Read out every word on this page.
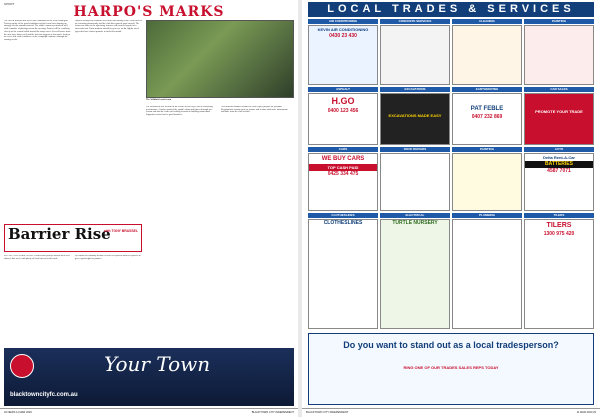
SPORT	HARPO'S MARKS
The race at Rosehill this week was a standout for the local contingent. Trainers spoke of the good conditions and the form lines shaping up strongly for the autumn carnival. The stable's runners performed well, with a number of placings across the meeting. Punters will be watching closely as the season builds toward the major races. Several horses from the area have drawn well and the forecast suggests a firm track. Jockeys are set to ride with confidence as the campaign continues through the coming weeks.
Harness racing also continues at Penrith with strong fields. Local drivers are featuring prominently and the club has reported good crowds. The focus now turns to the upcoming features with owners hopeful of a successful run. Form students should keep an eye on the lightly raced types that have shown promise in trials this month.
The Wildfield coach team
The Blacktown side kicked off the season in fine style with a convincing performance. Coaches praised the squad's effort and fitness through pre-season and said the team was looking forward to building momentum. Supporters turned out in good numbers.
Club officials thanked volunteers who helped prepare the grounds. Registrations remain open for juniors and seniors with more information available from the club website.
Barrier Rise
with TONY BRASSEL
RACING AND FORM GUIDE. Trainers and jockeys discuss their best chances this week with plenty of local interest at the track.
Selections for Saturday include several well-placed runners expected to give a good sight for punters.
Your Town
blacktowncityfc.com.au
22 NEWS 11 MAR 2020	BLACKTOWN CITY INDEPENDENT
LOCAL TRADES & SERVICES
AIR CONDITIONING	CONCRETE SERVICES	CLEANING	PAINTING
KEVIN AIR CONDITIONING
0430 23 430
ASPHALT	EXCAVATIONS	EARTHMOVING	CAR SALES
H.GO
0400 123 456
EXCAVATIONS MADE EASY
PAT FEBLE
0407 232 869
PROMOTE YOUR TRADE
CARS	ROOF REPAIRS	PAINTING	AUTO
WE BUY CARS
TOP CASH PAID
0425 334 475
Delta Rent-A-Car
BATTERIES
4587 7071
CLOTHESLINES	ELECTRICAL	PLUMBING	TILERS
CLOTHESLINES	TURTLE NURSERY	TILERS
1300 975 420
Do you want to stand out as a local tradesperson?
RING ONE OF OUR TRADES SALES REPS TODAY
BLACKTOWN CITY INDEPENDENT	11 MAR 2020 23
